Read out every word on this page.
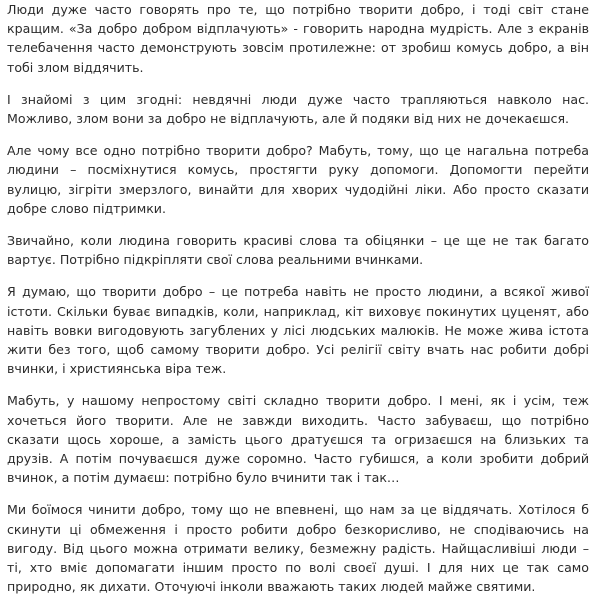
Люди дуже часто говорять про те, що потрібно творити добро, і тоді світ стане кращим. «За добро добром відплачують» - говорить народна мудрість. Але з екранів телебачення часто демонструють зовсім протилежне: от зробиш комусь добро, а він тобі злом віддячить.

І знайомі з цим згодні: невдячні люди дуже часто трапляються навколо нас. Можливо, злом вони за добро не відплачують, але й подяки від них не дочекаєшся.

Але чому все одно потрібно творити добро? Мабуть, тому, що це нагальна потреба людини – посміхнутися комусь, простягти руку допомоги. Допомогти перейти вулицю, зігріти змерзлого, винайти для хворих чудодійні ліки. Або просто сказати добре слово підтримки.

Звичайно, коли людина говорить красиві слова та обіцянки – це ще не так багато вартує. Потрібно підкріпляти свої слова реальними вчинками.

Я думаю, що творити добро – це потреба навіть не просто людини, а всякої живої істоти. Скільки буває випадків, коли, наприклад, кіт виховує покинутих цуценят, або навіть вовки вигодовують загублених у лісі людських малюків. Не може жива істота жити без того, щоб самому творити добро. Усі релігії світу вчать нас робити добрі вчинки, і християнська віра теж.

Мабуть, у нашому непростому світі складно творити добро. І мені, як і усім, теж хочеться його творити. Але не завжди виходить. Часто забуваєш, що потрібно сказати щось хороше, а замість цього дратуєшся та огризаєшся на близьких та друзів. А потім почуваєшся дуже соромно. Часто губишся, а коли зробити добрий вчинок, а потім думаєш: потрібно було вчинити так і так…

Ми боїмося чинити добро, тому що не впевнені, що нам за це віддячать. Хотілося б скинути ці обмеження і просто робити добро безкорисливо, не сподіваючись на вигоду. Від цього можна отримати велику, безмежну радість. Найщасливіші люди – ті, хто вміє допомагати іншим просто по волі своєї душі. І для них це так само природно, як дихати. Оточуючі інколи вважають таких людей майже святими.
